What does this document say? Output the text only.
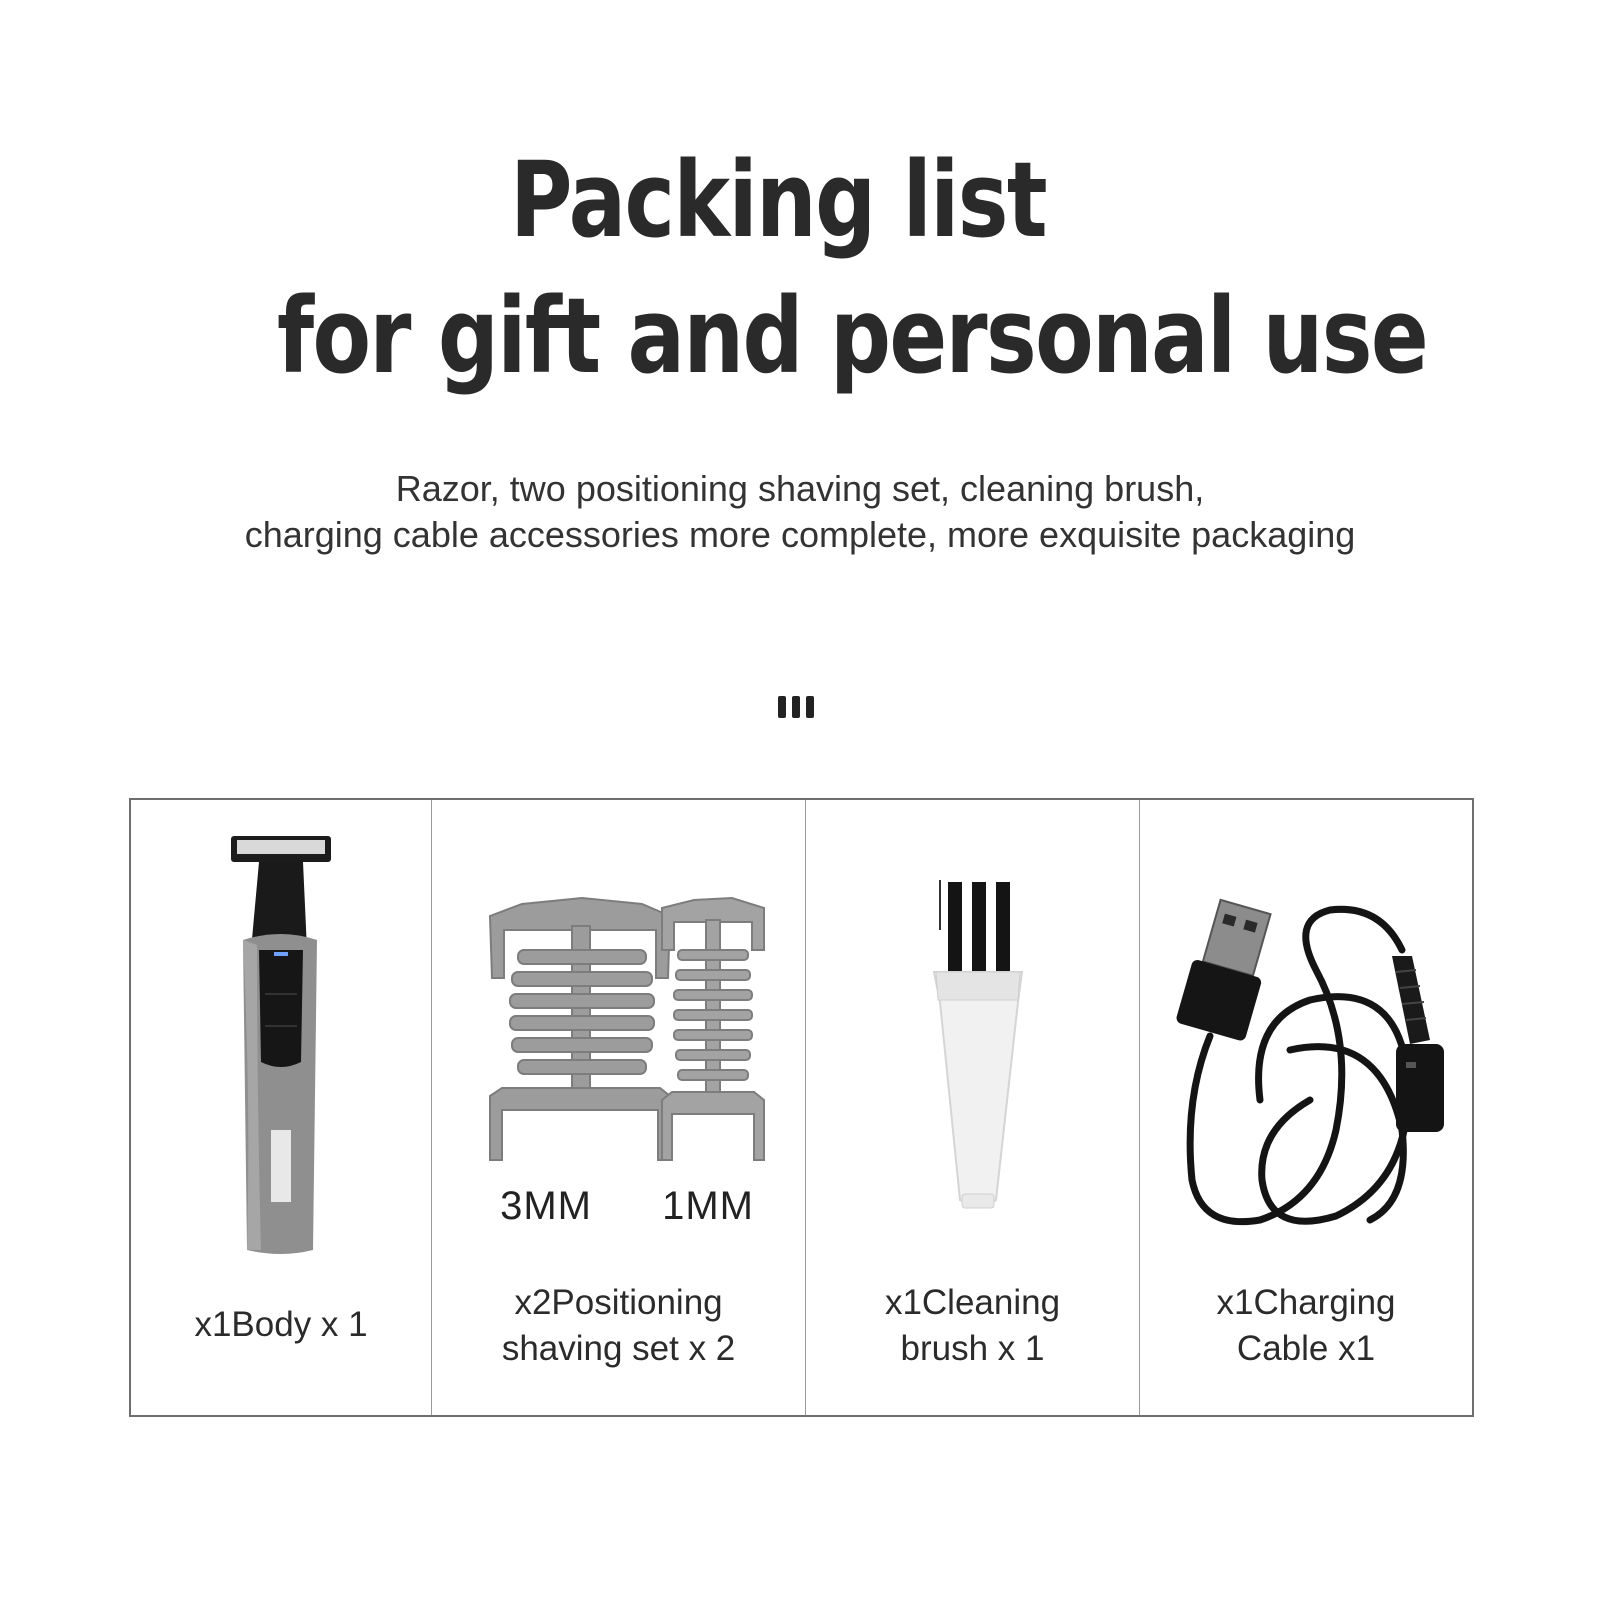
Packing list
for gift and personal use
Razor, two positioning shaving set, cleaning brush,
charging cable accessories more complete, more exquisite packaging
x1Body x 1
3MM 1MM
x2Positioning
shaving set x 2
x1Cleaning
brush x 1
x1Charging
Cable x1
